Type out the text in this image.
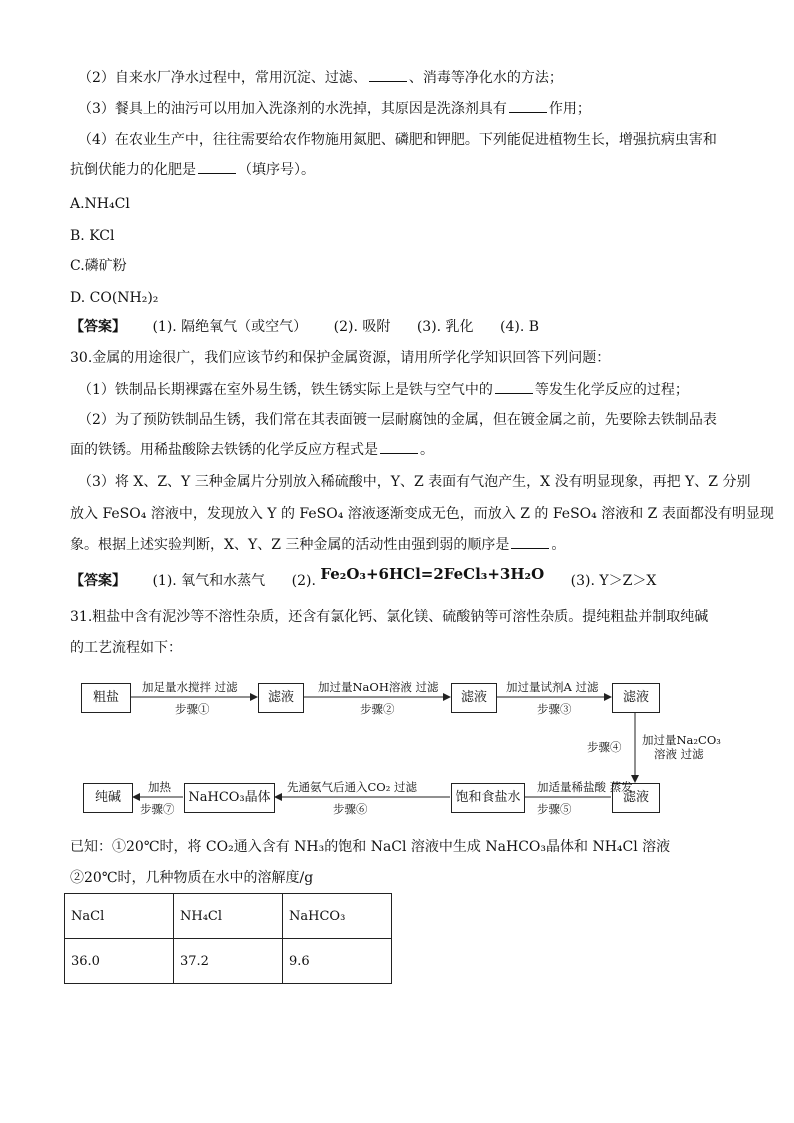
（2）自来水厂净水过程中，常用沉淀、过滤、	、消毒等净化水的方法；
（3）餐具上的油污可以用加入洗涤剂的水洗掉，其原因是洗涤剂具有	作用；
（4）在农业生产中，往往需要给农作物施用氮肥、磷肥和钾肥。下列能促进植物生长，增强抗病虫害和
抗倒伏能力的化肥是	（填序号）。
A.NH₄Cl
B. KCl
C.磷矿粉
D. CO(NH₂)₂
【答案】 (1). 隔绝氧气（或空气） (2). 吸附 (3). 乳化 (4). B
30.金属的用途很广，我们应该节约和保护金属资源，请用所学化学知识回答下列问题：
（1）铁制品长期裸露在室外易生锈，铁生锈实际上是铁与空气中的	等发生化学反应的过程；
（2）为了预防铁制品生锈，我们常在其表面镀一层耐腐蚀的金属，但在镀金属之前，先要除去铁制品表
面的铁锈。用稀盐酸除去铁锈的化学反应方程式是	。
（3）将 X、Z、Y 三种金属片分别放入稀硫酸中，Y、Z 表面有气泡产生，X 没有明显现象，再把 Y、Z 分别
放入 FeSO₄ 溶液中，发现放入 Y 的 FeSO₄ 溶液逐渐变成无色，而放入 Z 的 FeSO₄ 溶液和 Z 表面都没有明显现
象。根据上述实验判断，X、Y、Z 三种金属的活动性由强到弱的顺序是	。
【答案】 (1). 氧气和水蒸气 (2). Fe₂O₃+6HCl=2FeCl₃+3H₂O (3). Y＞Z＞X
31.粗盐中含有泥沙等不溶性杂质，还含有氯化钙、氯化镁、硫酸钠等可溶性杂质。提纯粗盐并制取纯碱
的工艺流程如下：
粗盐	滤液	滤液	滤液
滤液
饱和食盐水
NaHCO₃晶体
纯碱
加足量水搅拌 过滤
步骤①
加过量NaOH溶液 过滤
步骤②
加过量试剂A 过滤
步骤③
加过量Na₂CO₃
溶液 过滤
步骤④
加适量稀盐酸 蒸发
步骤⑤
先通氨气后通入CO₂ 过滤
步骤⑥
加热
步骤⑦
已知：①20℃时，将 CO₂通入含有 NH₃的饱和 NaCl 溶液中生成 NaHCO₃晶体和 NH₄Cl 溶液
②20℃时，几种物质在水中的溶解度/g
NaCl	NH₄Cl	NaHCO₃
36.0	37.2	9.6
